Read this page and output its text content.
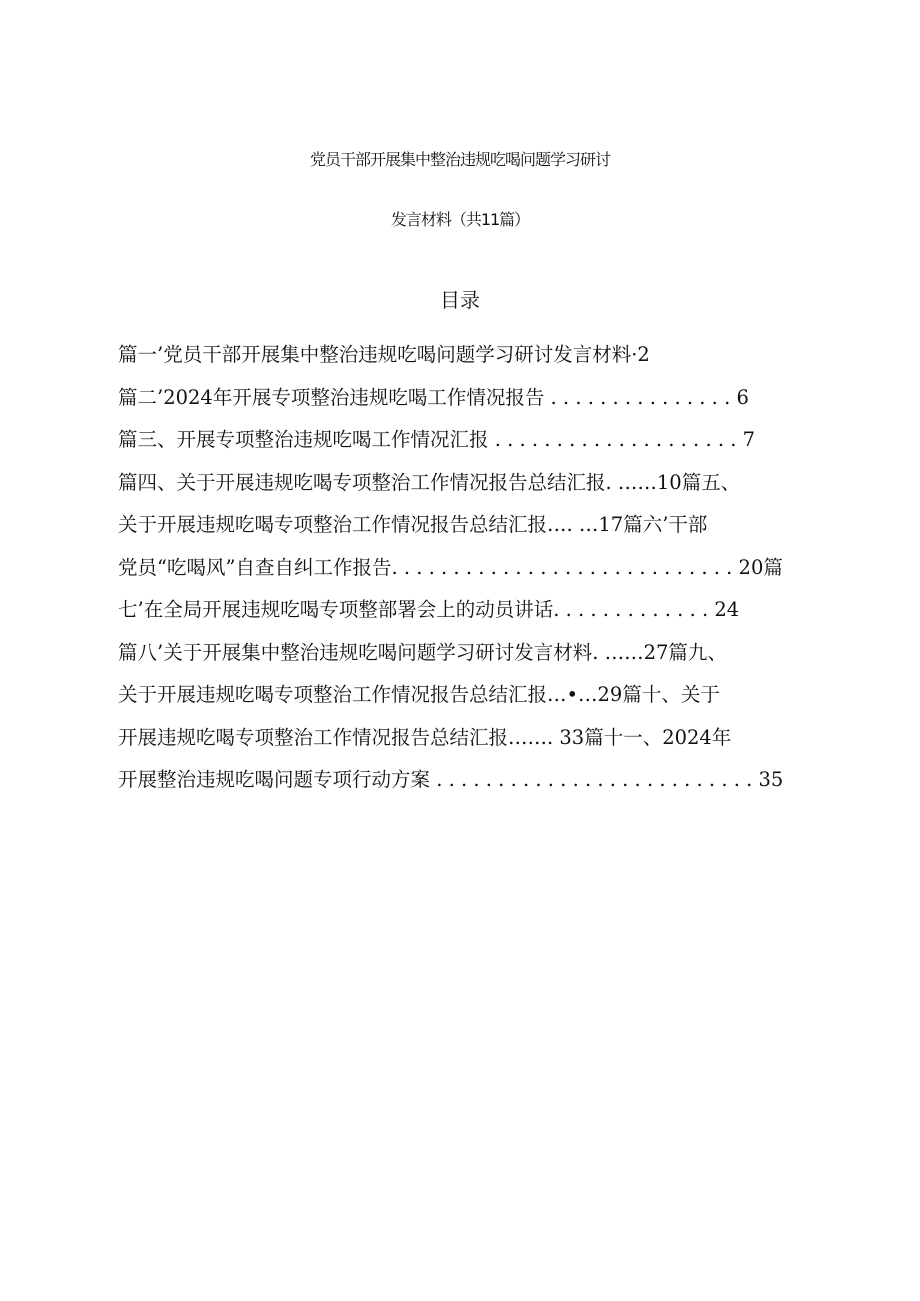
党员干部开展集中整治违规吃喝问题学习研讨
发言材料（共11篇）
目录
篇一’党员干部开展集中整治违规吃喝问题学习研讨发言材料·2
篇二’2024年开展专项整治违规吃喝工作情况报告 . . . . . . . . . . . . . . . 6
篇三、开展专项整治违规吃喝工作情况汇报 . . . . . . . . . . . . . . . . . . . . 7
篇四、关于开展违规吃喝专项整治工作情况报告总结汇报. ……10篇五、
关于开展违规吃喝专项整治工作情况报告总结汇报…. …17篇六’干部
党员“吃喝风”自查自纠工作报告. . . . . . . . . . . . . . . . . . . . . . . . . . . . 20篇
七’在全局开展违规吃喝专项整部署会上的动员讲话. . . . . . . . . . . . . 24
篇八’关于开展集中整治违规吃喝问题学习研讨发言材料. ……27篇九、
关于开展违规吃喝专项整治工作情况报告总结汇报…•…29篇十、关于
开展违规吃喝专项整治工作情况报告总结汇报……. 33篇十一、2024年
开展整治违规吃喝问题专项行动方案 . . . . . . . . . . . . . . . . . . . . . . . . . . 35
